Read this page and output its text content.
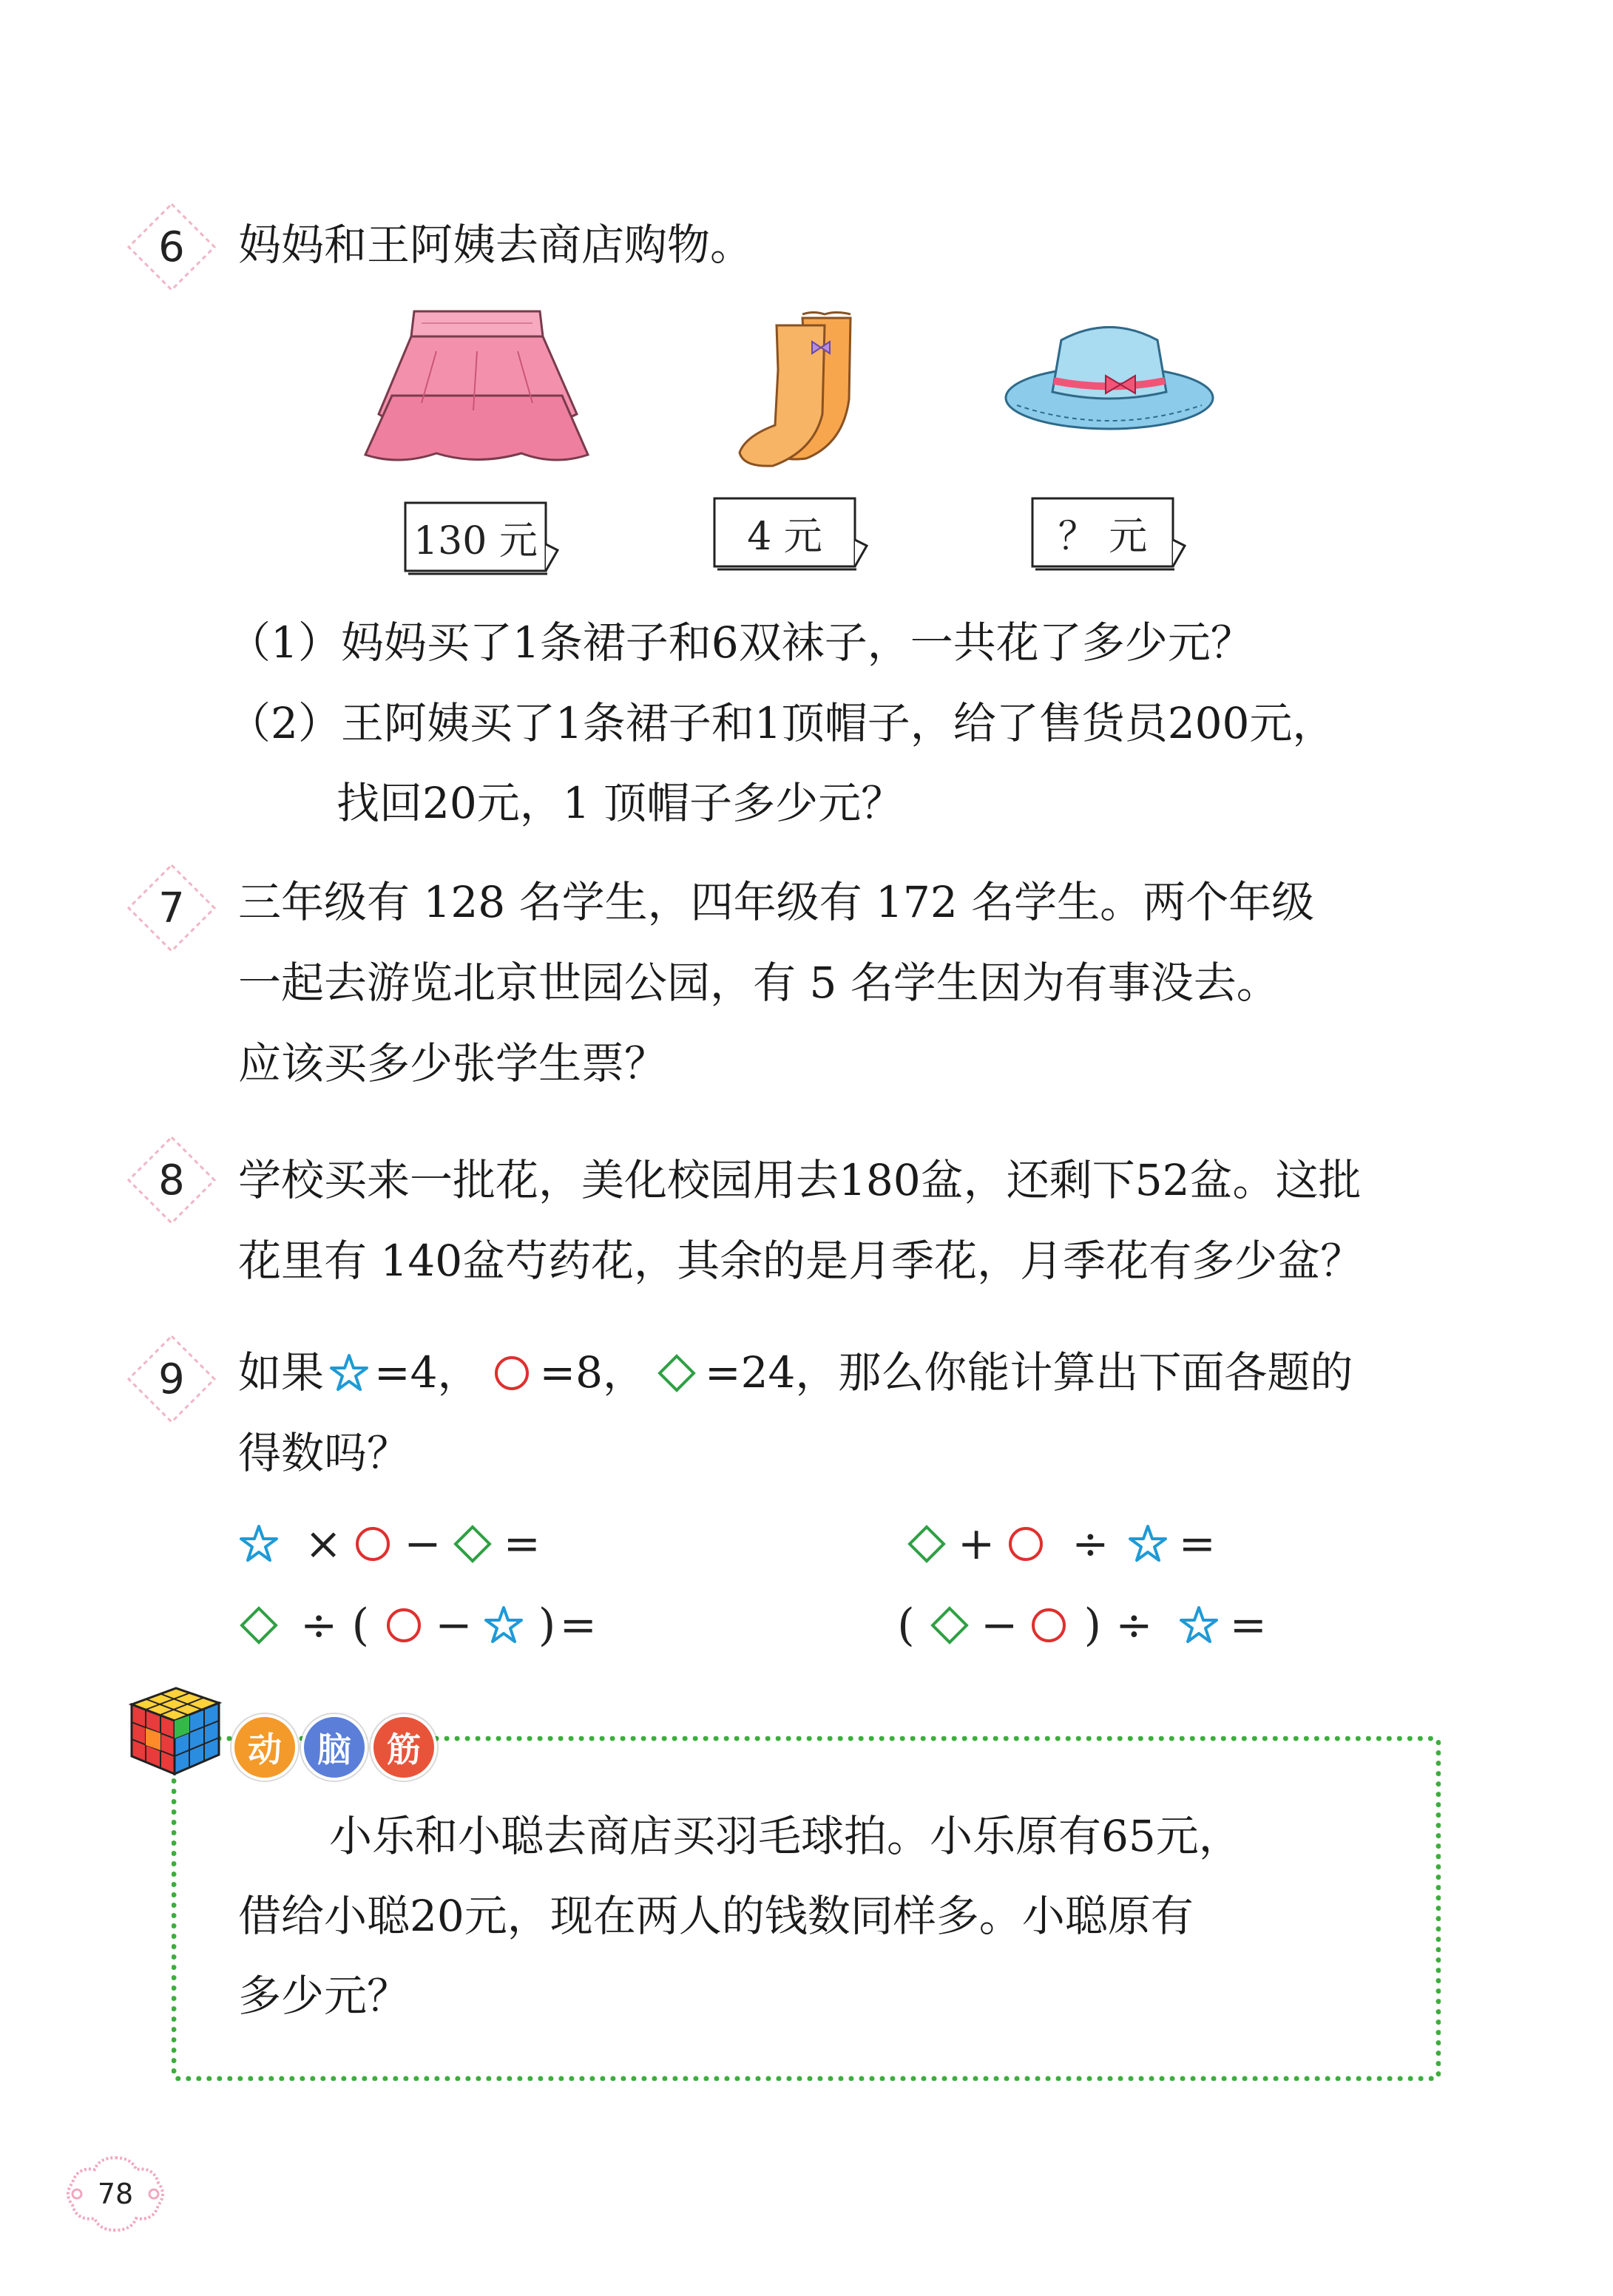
6	妈妈和王阿姨去商店购物。
130 元	4 元	？ 元
（1）妈妈买了1条裙子和6双袜子，一共花了多少元？
（2）王阿姨买了1条裙子和1顶帽子，给了售货员200元，
找回20元，1 顶帽子多少元？
7	三年级有 128 名学生，四年级有 172 名学生。两个年级
一起去游览北京世园公园，有 5 名学生因为有事没去。
应该买多少张学生票？
8	学校买来一批花，美化校园用去180盆，还剩下52盆。这批
花里有 140盆芍药花，其余的是月季花，月季花有多少盆？
9	如果 =4， =8， =24，那么你能计算出下面各题的
得数吗？
× − =	+ ÷ =
÷ ( − ) =	( − ) ÷ =
动	脑	筋
小乐和小聪去商店买羽毛球拍。小乐原有65元，
借给小聪20元，现在两人的钱数同样多。小聪原有
多少元？
78
